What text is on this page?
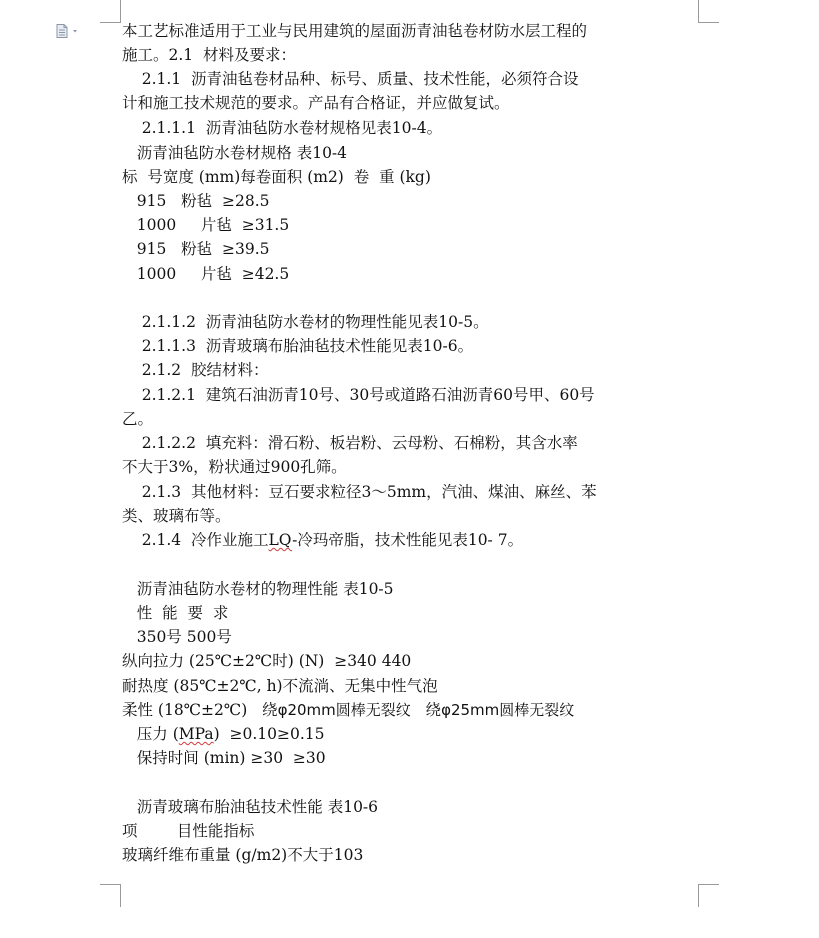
本工艺标准适用于工业与民用建筑的屋面沥青油毡卷材防水层工程的
施工。2.1  材料及要求：
2.1.1  沥青油毡卷材品种、标号、质量、技术性能，必须符合设
计和施工技术规范的要求。产品有合格证，并应做复试。
2.1.1.1  沥青油毡防水卷材规格见表10-4。
沥青油毡防水卷材规格 表10-4
标  号宽度 (mm)每卷面积 (m2)  卷  重 (kg)
915   粉毡  ≥28.5
1000     片毡  ≥31.5
915   粉毡  ≥39.5
1000     片毡  ≥42.5
2.1.1.2  沥青油毡防水卷材的物理性能见表10-5。
2.1.1.3  沥青玻璃布胎油毡技术性能见表10-6。
2.1.2  胶结材料：
2.1.2.1  建筑石油沥青10号、30号或道路石油沥青60号甲、60号
乙。
2.1.2.2  填充料：滑石粉、板岩粉、云母粉、石棉粉，其含水率
不大于3%，粉状通过900孔筛。
2.1.3  其他材料：豆石要求粒径3～5mm，汽油、煤油、麻丝、苯
类、玻璃布等。
2.1.4  冷作业施工LQ-冷玛帝脂，技术性能见表10- 7。
沥青油毡防水卷材的物理性能 表10-5
性  能  要  求
350号 500号
纵向拉力 (25℃±2℃时) (N)  ≥340 440
耐热度 (85℃±2℃, h)不流淌、无集中性气泡
柔性 (18℃±2℃)   绕φ20mm圆棒无裂纹   绕φ25mm圆棒无裂纹
压力 (MPa)  ≥0.10≥0.15
保持时间 (min) ≥30  ≥30
沥青玻璃布胎油毡技术性能 表10-6
项        目性能指标
玻璃纤维布重量 (g/m2)不大于103
